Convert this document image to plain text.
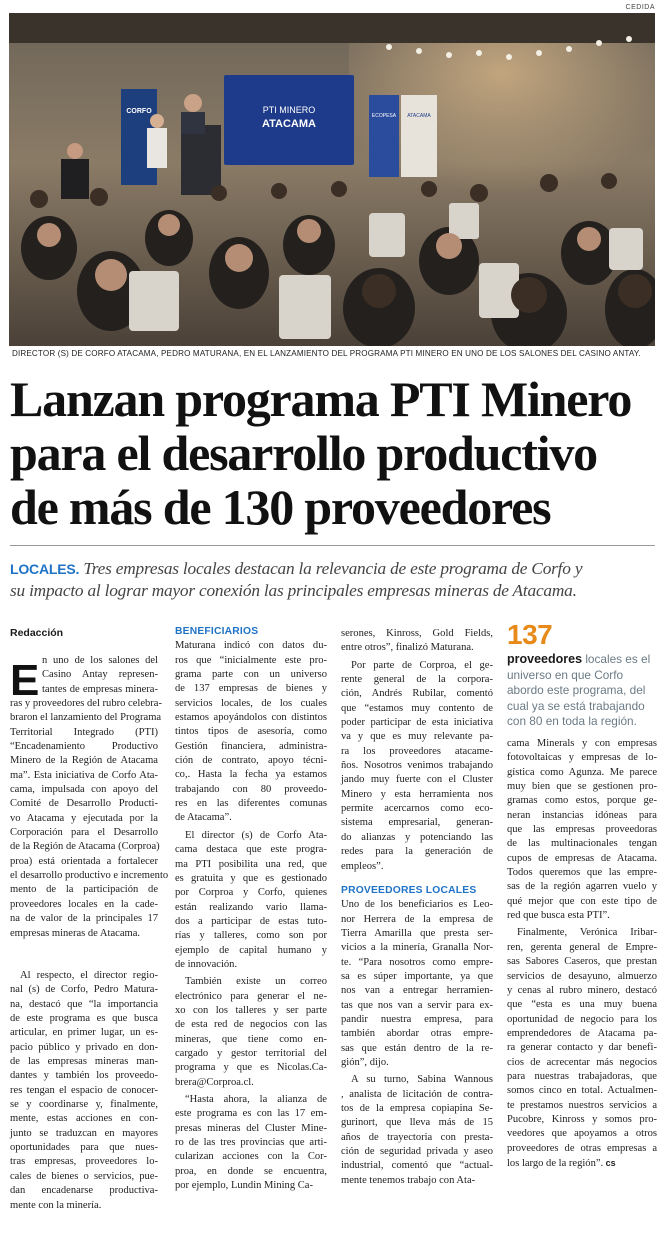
CEDIDA
PTI MINERO
ATACAMA
CORFO
ECOPESA ATACAMA
DIRECTOR (S) DE CORFO ATACAMA, PEDRO MATURANA, EN EL LANZAMIENTO DEL PROGRAMA PTI MINERO EN UNO DE LOS SALONES DEL CASINO ANTAY.
Lanzan programa PTI Minero
para el desarrollo productivo
de más de 130 proveedores

LOCALES. Tres empresas locales destacan la relevancia de este programa de Corfo y
su impacto al lograr mayor conexión las principales empresas mineras de Atacama.

Redacción
E n uno de los salones del
Casino Antay represen-
tantes de empresas minera-
ras y proveedores del rubro celebra-
braron el lanzamiento del Programa
Territorial Integrado (PTI)
“Encadenamiento Productivo
Minero de la Región de Atacama
ma”. Esta iniciativa de Corfo Ata-
cama, impulsada con apoyo del
Comité de Desarrollo Producti-
vo Atacama y ejecutada por la
Corporación para el Desarrollo
de la Región de Atacama (Corproa)
proa) está orientada a fortalecer
el desarrollo productivo e incremento
mento de la participación de
proveedores locales en la cade-
na de valor de la principales 17
empresas mineras de Atacama.
Al respecto, el director regio-
nal (s) de Corfo, Pedro Matura-
na, destacó que “la importancia
de este programa es que busca
articular, en primer lugar, un es-
pacio público y privado en don-
de las empresas mineras man-
dantes y también los proveedo-
res tengan el espacio de conocer-
se y coordinarse y, finalmente,
mente, estas acciones en con-
junto se traduzcan en mayores
oportunidades para que nues-
tras empresas, proveedores lo-
cales de bienes o servicios, pue-
dan encadenarse productiva-
mente con la minería.
BENEFICIARIOS
Maturana indicó con datos du-
ros que “inicialmente este pro-
grama parte con un universo
de 137 empresas de bienes y
servicios locales, de los cuales
estamos apoyándolos con distintos
tintos tipos de asesoría, como
Gestión financiera, administra-
ción de contrato, apoyo técni-
co,. Hasta la fecha ya estamos
trabajando con 80 proveedo-
res en las diferentes comunas
de Atacama”.
El director (s) de Corfo Ata-
cama destaca que este progra-
ma PTI posibilita una red, que
es gratuita y que es gestionado
por Corproa y Corfo, quienes
están realizando vario llama-
dos a participar de estas tuto-
rías y talleres, como son por
ejemplo de capital humano y
de innovación.
También existe un correo
electrónico para generar el ne-
xo con los talleres y ser parte
de esta red de negocios con las
mineras, que tiene como en-
cargado y gestor territorial del
programa y que es Nicolas.Ca-
brera@Corproa.cl.
“Hasta ahora, la alianza de
este programa es con las 17 em-
presas mineras del Cluster Mine-
ro de las tres provincias que arti-
cularizan acciones con la Cor-
proa, en donde se encuentra,
por ejemplo, Lundin Mining Ca-
serones, Kinross, Gold Fields,
entre otros”, finalizó Maturana.
Por parte de Corproa, el ge-
rente general de la corpora-
ción, Andrés Rubilar, comentó
que “estamos muy contento de
poder participar de esta iniciativa
va y que es muy relevante pa-
ra los proveedores atacame-
ños. Nosotros venimos trabajando
jando muy fuerte con el Cluster
Minero y esta herramienta nos
permite acercarnos como eco-
sistema empresarial, generan-
do alianzas y potenciando las
redes para la generación de
empleos”.
PROVEEDORES LOCALES
Uno de los beneficiarios es Leo-
nor Herrera de la empresa de
Tierra Amarilla que presta ser-
vicios a la minería, Granalla Nor-
te. “Para nosotros como empre-
sa es súper importante, ya que
nos van a entregar herramien-
tas que nos van a servir para ex-
pandir nuestra empresa, para
también abordar otras empre-
sas que están dentro de la re-
gión”, dijo.
A su turno, Sabina Wannous
, analista de licitación de contra-
tos de la empresa copiapina Se-
gurinort, que lleva más de 15
años de trayectoria con presta-
ción de seguridad privada y aseo
industrial, comentó que “actual-
mente tenemos trabajo con Ata-
137
proveedores locales es el universo en que Corfo abordo este programa, del cual ya se está trabajando con 80 en toda la región.
cama Minerals y con empresas
fotovoltaicas y empresas de lo-
gística como Agunza. Me parece
muy bien que se gestionen pro-
gramas como estos, porque ge-
neran instancias idóneas para
que las empresas proveedoras
de las multinacionales tengan
cupos de empresas de Atacama.
Todos queremos que las empre-
sas de la región agarren vuelo y
qué mejor que con este tipo de
red que busca esta PTI”.
Finalmente, Verónica Iribar-
ren, gerenta general de Empre-
sas Sabores Caseros, que prestan
servicios de desayuno, almuerzo
y cenas al rubro minero, destacó
que “esta es una muy buena
oportunidad de negocio para los
emprendedores de Atacama pa-
ra generar contacto y dar benefi-
cios de acrecentar más negocios
para nuestras trabajadoras, que
somos cinco en total. Actualmen-
te prestamos nuestros servicios a
Pucobre, Kinross y somos pro-
veedores que apoyamos a otros
proveedores de otras empresas a
los largo de la región”. cs
